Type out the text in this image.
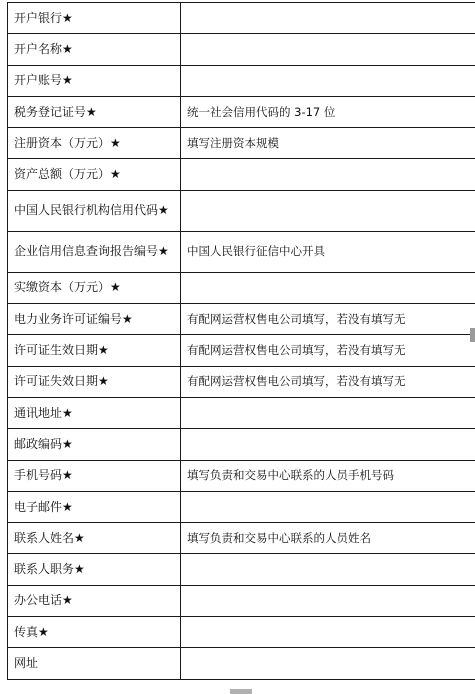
开户银行★	
开户名称★	
开户账号★	
税务登记证号★	统一社会信用代码的 3-17 位
注册资本（万元）★	填写注册资本规模
资产总额（万元）★	
中国人民银行机构信用代码★	
企业信用信息查询报告编号★	中国人民银行征信中心开具
实缴资本（万元）★	
电力业务许可证编号★	有配网运营权售电公司填写，若没有填写无
许可证生效日期★	有配网运营权售电公司填写，若没有填写无
许可证失效日期★	有配网运营权售电公司填写，若没有填写无
通讯地址★	
邮政编码★	
手机号码★	填写负责和交易中心联系的人员手机号码
电子邮件★	
联系人姓名★	填写负责和交易中心联系的人员姓名
联系人职务★	
办公电话★	
传真★	
网址	
